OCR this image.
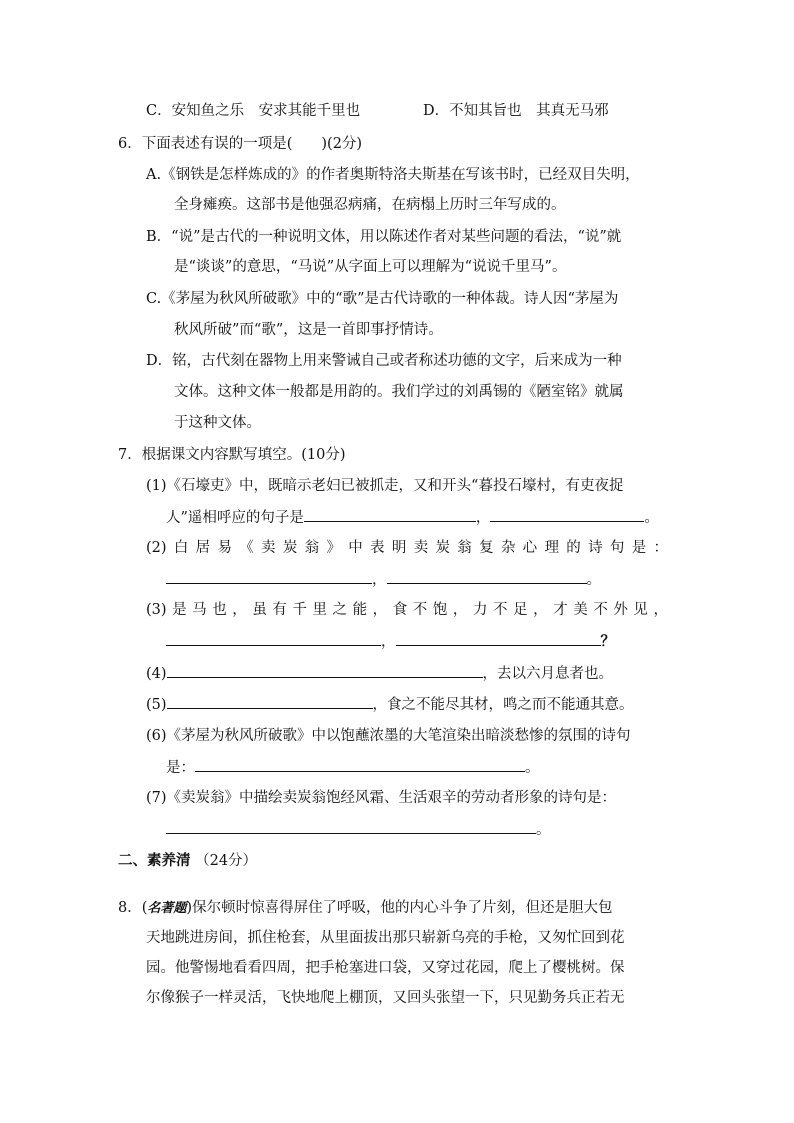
C．安知鱼之乐　安求其能千里也	D．不知其旨也　其真无马邪
6．下面表述有误的一项是(　　)(2分)
A.《钢铁是怎样炼成的》的作者奥斯特洛夫斯基在写该书时，已经双目失明，
全身瘫痪。这部书是他强忍病痛，在病榻上历时三年写成的。
B．“说”是古代的一种说明文体，用以陈述作者对某些问题的看法，“说”就
是“谈谈”的意思，“马说”从字面上可以理解为“说说千里马”。
C.《茅屋为秋风所破歌》中的“歌”是古代诗歌的一种体裁。诗人因“茅屋为
秋风所破”而“歌”，这是一首即事抒情诗。
D．铭，古代刻在器物上用来警诫自己或者称述功德的文字，后来成为一种
文体。这种文体一般都是用韵的。我们学过的刘禹锡的《陋室铭》就属
于这种文体。
7．根据课文内容默写填空。(10分)
(1)《石壕吏》中，既暗示老妇已被抓走，又和开头“暮投石壕村，有吏夜捉
人”遥相呼应的句子是	，	。
(2)白居易《卖炭翁》中表明卖炭翁复杂心理的诗句是：
，	。
(3)是马也，虽有千里之能，食不饱，力不足，才美不外见，
，	？
(4)	，去以六月息者也。
(5)	，食之不能尽其材，鸣之而不能通其意。
(6)《茅屋为秋风所破歌》中以饱蘸浓墨的大笔渲染出暗淡愁惨的氛围的诗句
是：	。
(7)《卖炭翁》中描绘卖炭翁饱经风霜、生活艰辛的劳动者形象的诗句是：
。
二、素养清 （24分）
8．(名著题)保尔顿时惊喜得屏住了呼吸，他的内心斗争了片刻，但还是胆大包
天地跳进房间，抓住枪套，从里面拔出那只崭新乌亮的手枪，又匆忙回到花
园。他警惕地看看四周，把手枪塞进口袋，又穿过花园，爬上了樱桃树。保
尔像猴子一样灵活，飞快地爬上棚顶，又回头张望一下，只见勤务兵正若无
